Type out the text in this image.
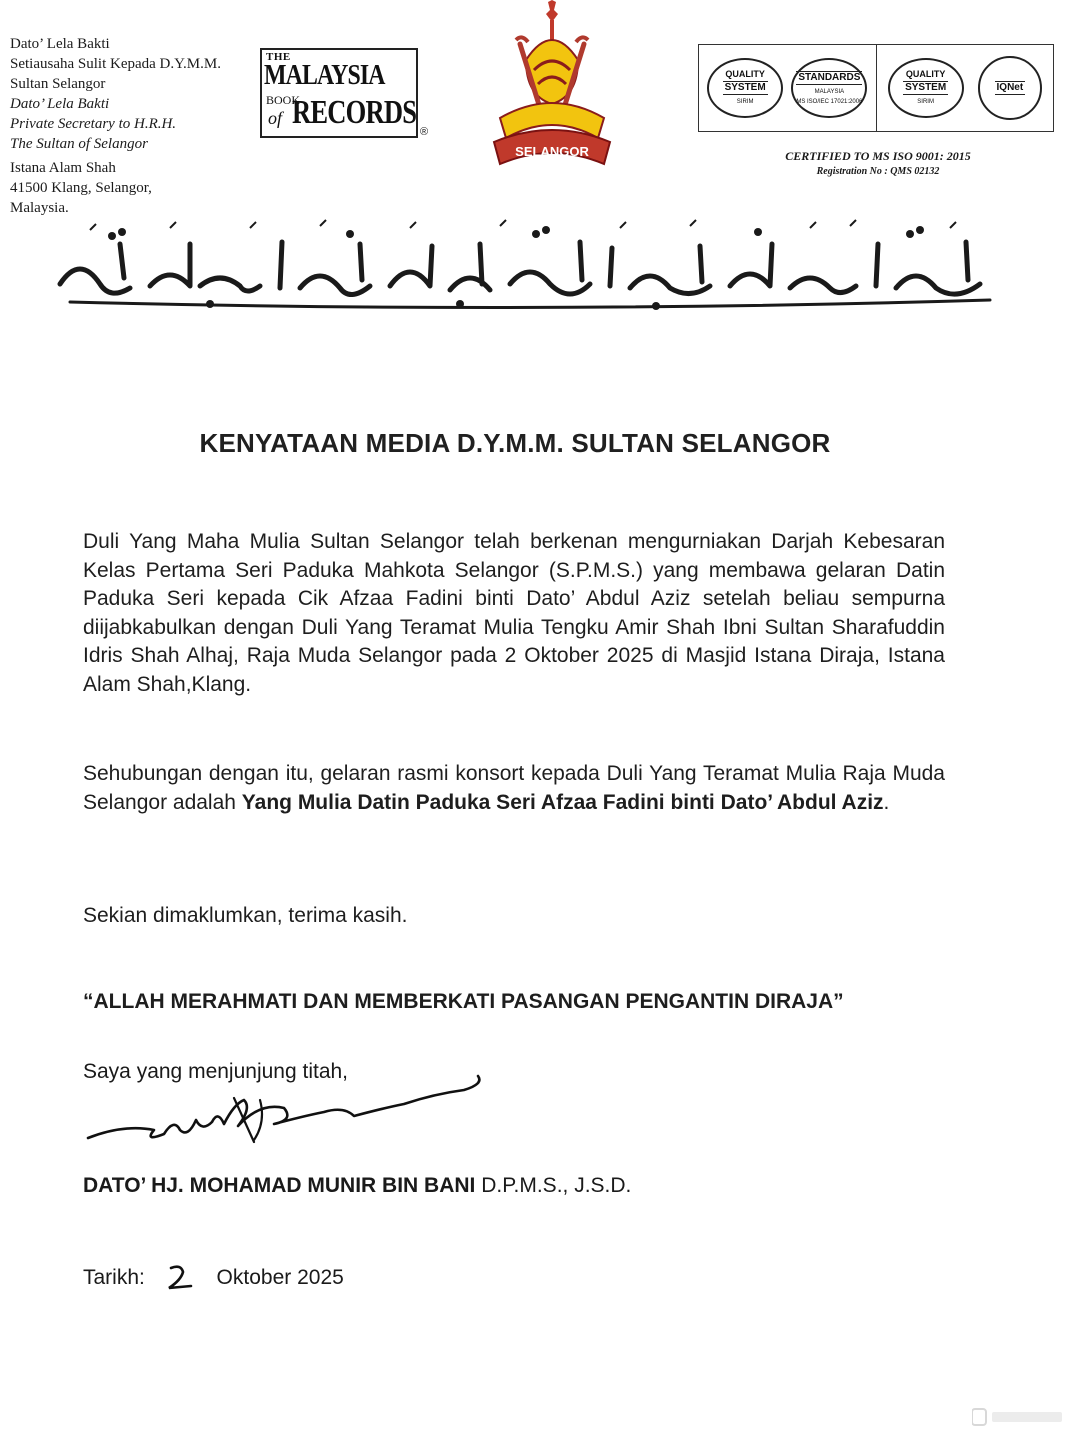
Dato’ Lela Bakti
Setiausaha Sulit Kepada D.Y.M.M.
Sultan Selangor
Dato’ Lela Bakti
Private Secretary to H.R.H.
The Sultan of Selangor
Istana Alam Shah
41500 Klang, Selangor,
Malaysia.
THE
MALAYSIA
BOOK
of RECORDS
®
SELANGOR
QUALITY
SYSTEM
SIRIM
STANDARDS
MALAYSIA
MS ISO/IEC 17021:2006
QUALITY
SYSTEM
SIRIM
IQNet
CERTIFIED TO MS ISO 9001: 2015
Registration No : QMS 02132
KENYATAAN MEDIA D.Y.M.M. SULTAN SELANGOR
Duli Yang Maha Mulia Sultan Selangor telah berkenan mengurniakan Darjah Kebesaran Kelas Pertama Seri Paduka Mahkota Selangor (S.P.M.S.) yang membawa gelaran Datin Paduka Seri kepada Cik Afzaa Fadini binti Dato’ Abdul Aziz setelah beliau sempurna diijabkabulkan dengan Duli Yang Teramat Mulia Tengku Amir Shah Ibni Sultan Sharafuddin Idris Shah Alhaj, Raja Muda Selangor pada 2 Oktober 2025 di Masjid Istana Diraja, Istana Alam Shah,Klang.
Sehubungan dengan itu, gelaran rasmi konsort kepada Duli Yang Teramat Mulia Raja Muda Selangor adalah Yang Mulia Datin Paduka Seri Afzaa Fadini binti Dato’ Abdul Aziz.
Sekian dimaklumkan, terima kasih.
“ALLAH MERAHMATI DAN MEMBERKATI PASANGAN PENGANTIN DIRAJA”
Saya yang menjunjung titah,
DATO’ HJ. MOHAMAD MUNIR BIN BANI D.P.M.S., J.S.D.
Tarikh:	Oktober 2025
